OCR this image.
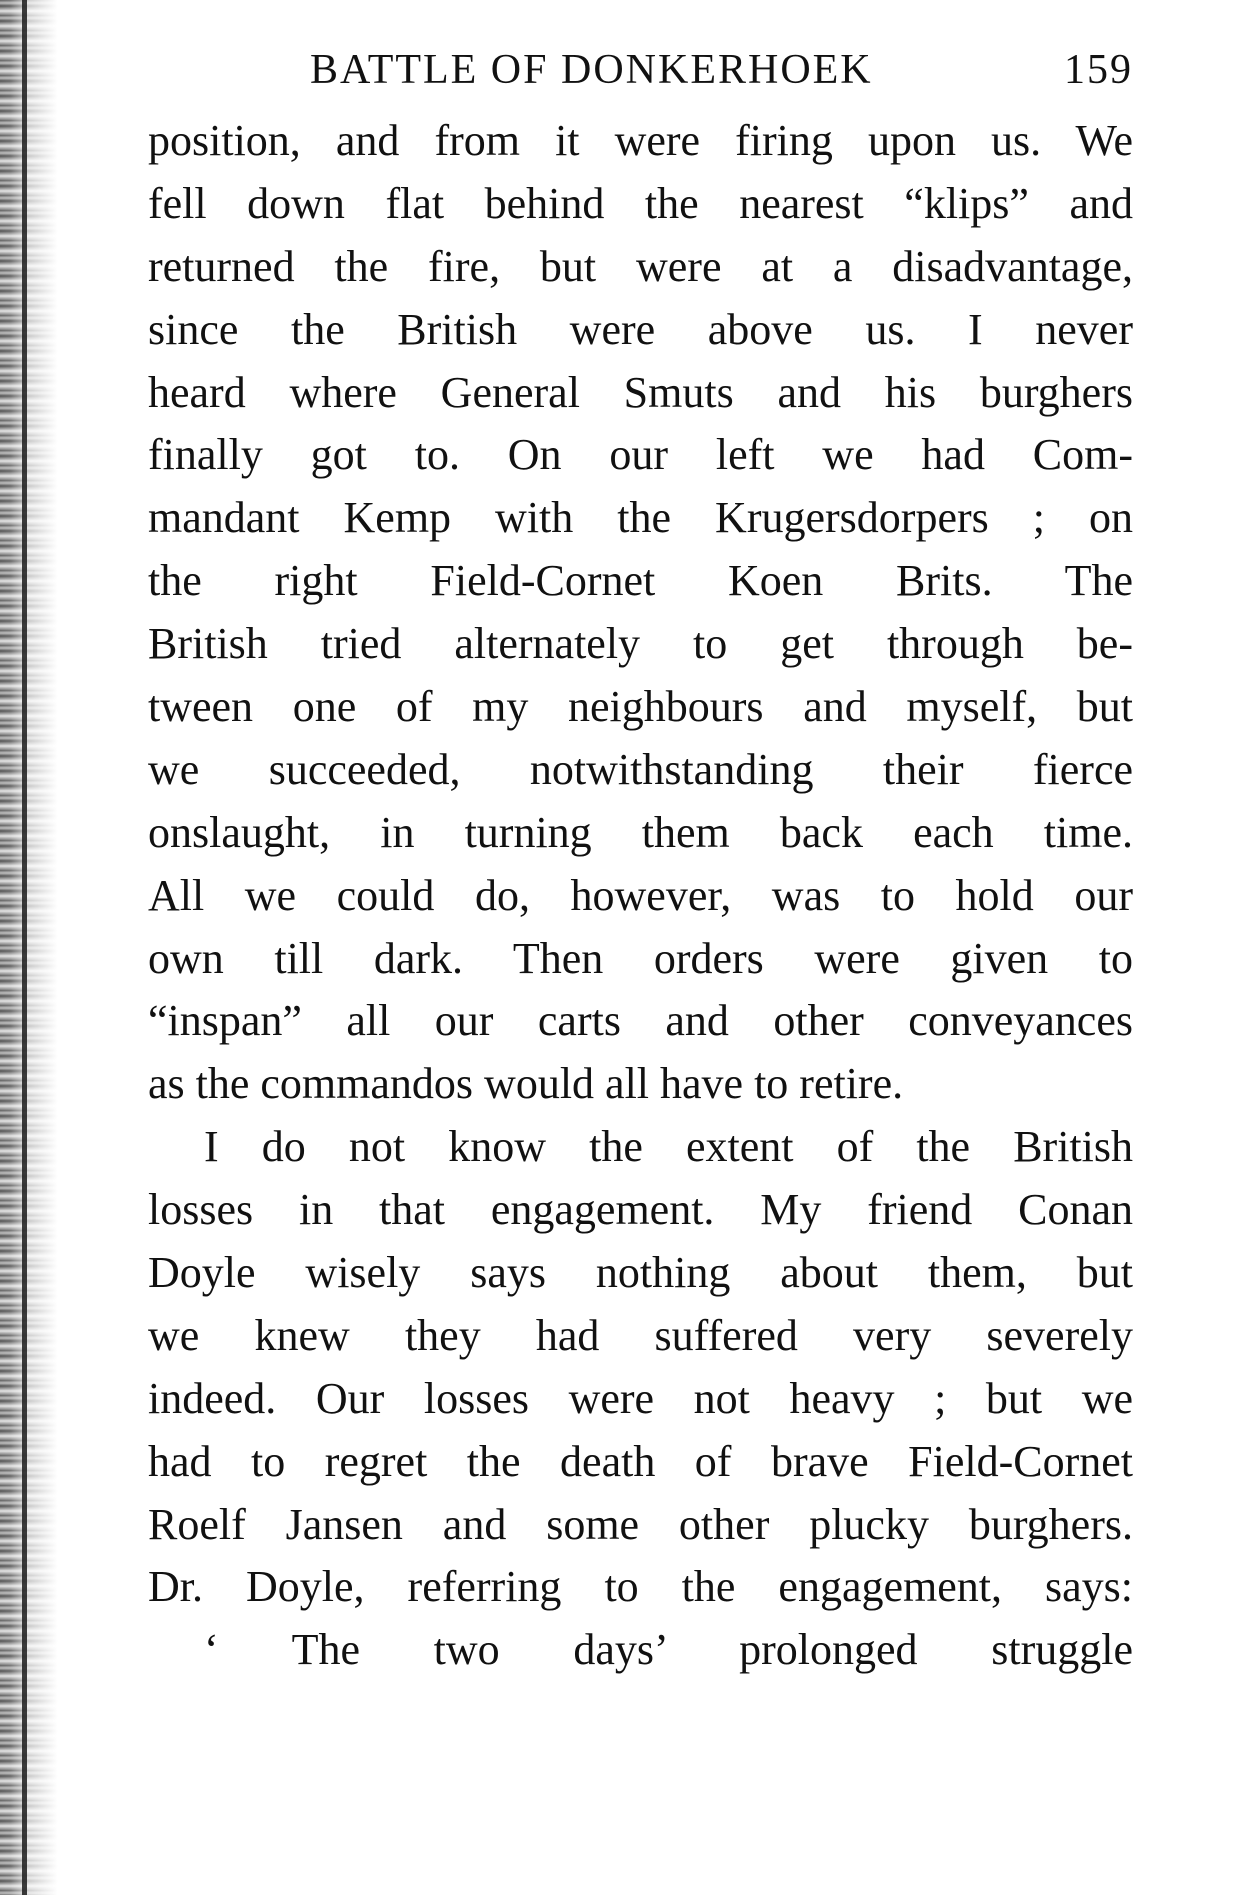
BATTLE OF DONKERHOEK	159
position, and from it were firing upon us. We
fell down flat behind the nearest “klips” and
returned the fire, but were at a disadvantage,
since the British were above us. I never
heard where General Smuts and his burghers
finally got to. On our left we had Com-
mandant Kemp with the Krugersdorpers ; on
the right Field-Cornet Koen Brits. The
British tried alternately to get through be-
tween one of my neighbours and myself, but
we succeeded, notwithstanding their fierce
onslaught, in turning them back each time.
All we could do, however, was to hold our
own till dark. Then orders were given to
“inspan” all our carts and other conveyances
as the commandos would all have to retire.
I do not know the extent of the British
losses in that engagement. My friend Conan
Doyle wisely says nothing about them, but
we knew they had suffered very severely
indeed. Our losses were not heavy ; but we
had to regret the death of brave Field-Cornet
Roelf Jansen and some other plucky burghers.
Dr. Doyle, referring to the engagement, says:
‘ The two days’ prolonged struggle
